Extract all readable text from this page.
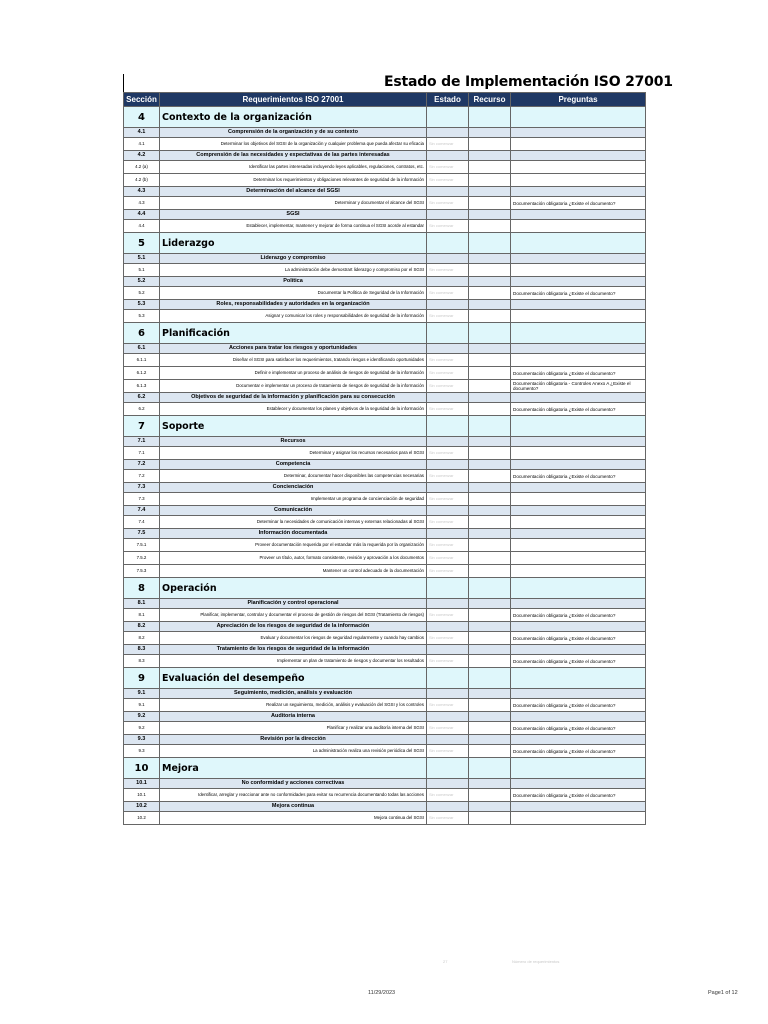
Estado de Implementación ISO 27001
Sección	Requerimientos ISO 27001	Estado	Recurso	Preguntas
4	Contexto de la organización			
4.1	Comprensión de la organización y de su contexto			
4.1	Determinar los objetivos del SGSI de la organización y cualquier problema que pueda afectar su eficacia	Sin comenzar		
4.2	Comprensión de las necesidades y expectativas de las partes interesadas			
4.2 (a)	Identificar las partes interesadas incluyendo leyes aplicables, regulaciones, contratos, etc.	Sin comenzar		
4.2 (b)	Determinar los requerimientos y obligaciones relevantes de seguridad de la información	Sin comenzar		
4.3	Determinación del alcance del SGSI			
4.3	Determinar y documentar el alcance del SGSI	Sin comenzar		Documentación obligatoria ¿Existe el documento?
4.4	SGSI			
4.4	Establecer, implementar, mantener y mejorar de forma continua el SGSI acorde al estandar	Sin comenzar		
5	Liderazgo			
5.1	Liderazgo y compromiso			
5.1	La administración debe demostrart liderazgo y compromiso por el SGSI	Sin comenzar		
5.2	Política			
5.2	Documentar la Política de Seguridad de la Información	Sin comenzar		Documentación obligatoria ¿Existe el documento?
5.3	Roles, responsabilidades y autoridades en la organización			
5.3	Asignar y comunicar los roles y responsabilidades de seguridad de la información	Sin comenzar		
6	Planificación			
6.1	Acciones para tratar los riesgos y oportunidades			
6.1.1	Diseñar el SGSI para satisfacer los requerimientos, tratando riesgos e identificando oportunidades	Sin comenzar		
6.1.2	Definir e implementar un proceso de análisis de riesgos de seguridad de la información	Sin comenzar		Documentación obligatoria ¿Existe el documento?
6.1.3	Documentar e implementar un proceso de tratamiento de riesgos de seguridad de la información	Sin comenzar		Documentación obligatoria - Controles Anexo A ¿Existe el documento?
6.2	Objetivos de seguridad de la información y planificación para su consecución			
6.2	Establecer y documentar los planes y objetivos de la seguridad de la información	Sin comenzar		Documentación obligatoria ¿Existe el documento?
7	Soporte			
7.1	Recursos			
7.1	Determinar y asignar los recursos necesarios para el SGSI	Sin comenzar		
7.2	Competencia			
7.2	Determinar, documentar hacer disponibles las competencias necesarias	Sin comenzar		Documentación obligatoria ¿Existe el documento?
7.3	Concienciación			
7.3	Implementar un programa de concienciación de seguridad	Sin comenzar		
7.4	Comunicación			
7.4	Determinar la necesidades de comunicación internas y externas relacionadas al SGSI	Sin comenzar		
7.5	Información documentada			
7.5.1	Proveer documentación requerida por el estandar más la requerida por la organización	Sin comenzar		
7.5.2	Proveer un título, autor, formato consistente, revisión y aprovación a los documentos	Sin comenzar		
7.5.3	Mantener un control adecuado de la documentación	Sin comenzar		
8	Operación			
8.1	Planificación y control operacional			
8.1	Planificar, implementar, controlar y documentar el proceso de gestión de riesgos del SGSI (Tratamiento de riesgos)	Sin comenzar		Documentación obligatoria ¿Existe el documento?
8.2	Apreciación de los riesgos de seguridad de la información			
8.2	Evaluar y documentar los riesgos de seguridad regularmente y cuando hay cambios	Sin comenzar		Documentación obligatoria ¿Existe el documento?
8.3	Tratamiento de los riesgos de seguridad de la información			
8.3	Implementar un plan de tratamiento de riesgos y documentar los resultados	Sin comenzar		Documentación obligatoria ¿Existe el documento?
9	Evaluación del desempeño			
9.1	Seguimiento, medición, análisis y evaluación			
9.1	Realizar un seguimiento, medición, análisis y evaluación del SGSI y los controles	Sin comenzar		Documentación obligatoria ¿Existe el documento?
9.2	Auditoría interna			
9.2	Planificar y realizar una auditoría interna del SGSI	Sin comenzar		Documentación obligatoria ¿Existe el documento?
9.3	Revisión por la dirección			
9.3	La administración realiza una revisión periódica del SGSI	Sin comenzar		Documentación obligatoria ¿Existe el documento?
10	Mejora			
10.1	No conformidad y acciones correctivas			
10.1	Identificar, arreglar y reaccionar ante no conformidades para evitar su recurrencia documentando todas las acciones	Sin comenzar		Documentación obligatoria ¿Existe el documento?
10.2	Mejora continua			
10.2	Mejora continua del SGSI	Sin comenzar		
27	Número de requerimientos
11/29/2023	Page1 of 12
